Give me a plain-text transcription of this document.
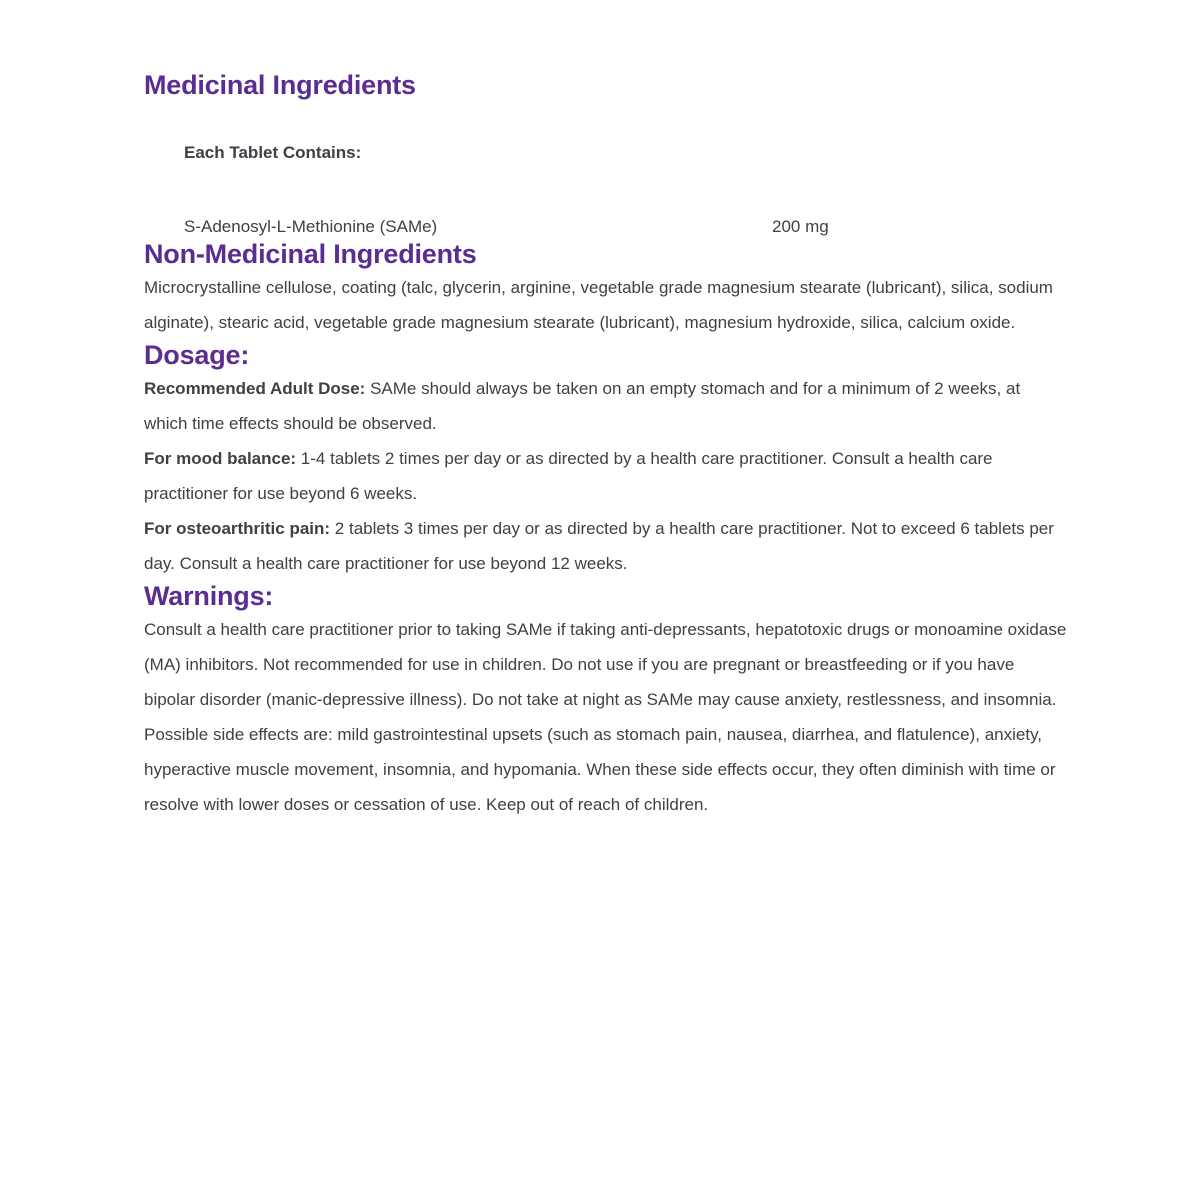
Medicinal Ingredients
Each Tablet Contains:	
S-Adenosyl-L-Methionine (SAMe)	200 mg
Non-Medicinal Ingredients

Microcrystalline cellulose, coating (talc, glycerin, arginine, vegetable grade magnesium stearate (lubricant), silica, sodium alginate), stearic acid, vegetable grade magnesium stearate (lubricant), magnesium hydroxide, silica, calcium oxide.

Dosage:

Recommended Adult Dose: SAMe should always be taken on an empty stomach and for a minimum of 2 weeks, at which time effects should be observed.
For mood balance: 1-4 tablets 2 times per day or as directed by a health care practitioner. Consult a health care practitioner for use beyond 6 weeks.
For osteoarthritic pain: 2 tablets 3 times per day or as directed by a health care practitioner. Not to exceed 6 tablets per day. Consult a health care practitioner for use beyond 12 weeks.

Warnings:

Consult a health care practitioner prior to taking SAMe if taking anti-depressants, hepatotoxic drugs or monoamine oxidase (MA) inhibitors. Not recommended for use in children. Do not use if you are pregnant or breastfeeding or if you have bipolar disorder (manic-depressive illness). Do not take at night as SAMe may cause anxiety, restlessness, and insomnia. Possible side effects are: mild gastrointestinal upsets (such as stomach pain, nausea, diarrhea, and flatulence), anxiety, hyperactive muscle movement, insomnia, and hypomania. When these side effects occur, they often diminish with time or resolve with lower doses or cessation of use. Keep out of reach of children.
